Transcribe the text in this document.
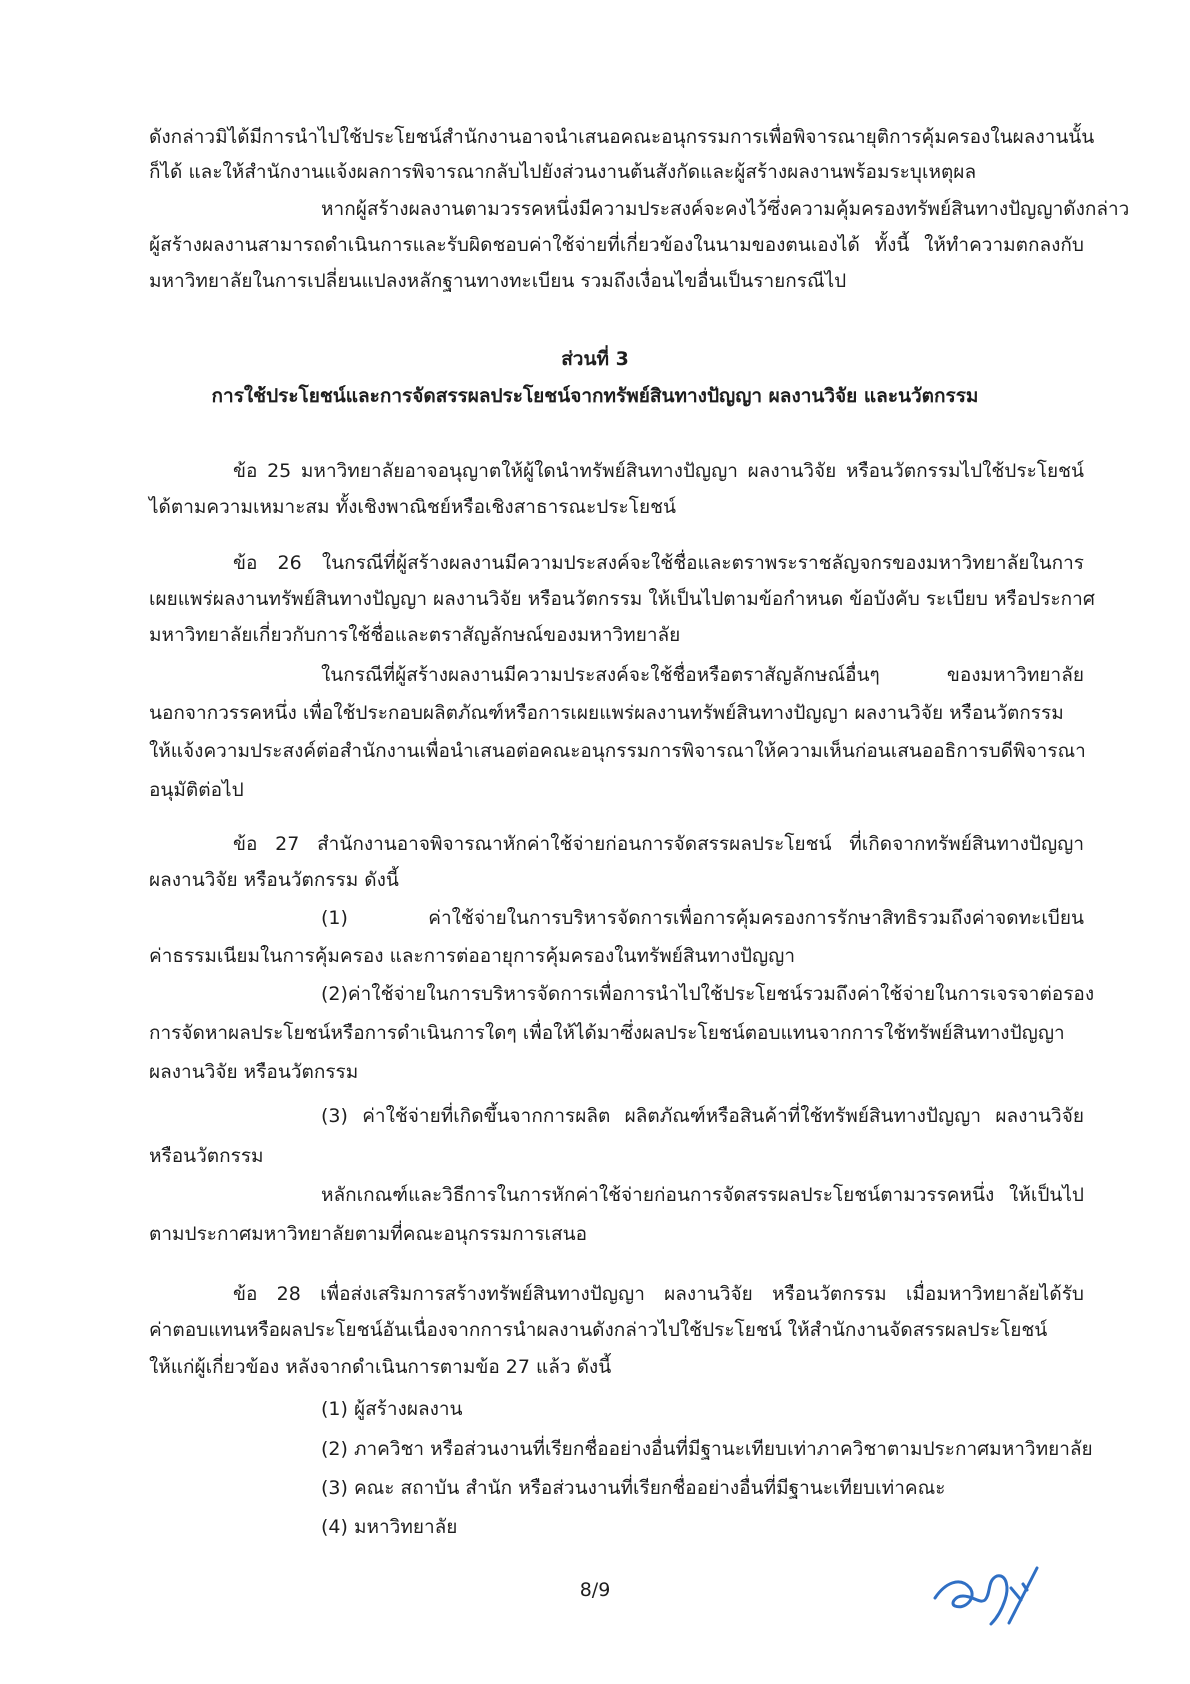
ดังกล่าว มิได้มีการนำไปใช้ประโยชน์ สำนักงานอาจนำเสนอคณะอนุกรรมการเพื่อพิจารณายุติการคุ้มครองในผลงานนั้น

ก็ได้ และให้สำนักงานแจ้งผลการพิจารณากลับไปยังส่วนงานต้นสังกัดและผู้สร้างผลงานพร้อมระบุเหตุผล

หากผู้สร้างผลงานตามวรรคหนึ่งมีความประสงค์จะคงไว้ซึ่งความคุ้มครองทรัพย์สินทางปัญญาดังกล่าว

ผู้สร้างผลงานสามารถดำเนินการและรับผิดชอบค่าใช้จ่ายที่เกี่ยวข้องในนามของตนเองได้ ทั้งนี้ ให้ทำความตกลงกับ

มหาวิทยาลัยในการเปลี่ยนแปลงหลักฐานทางทะเบียน รวมถึงเงื่อนไขอื่นเป็นรายกรณีไป

ส่วนที่ 3

การใช้ประโยชน์และการจัดสรรผลประโยชน์จากทรัพย์สินทางปัญญา ผลงานวิจัย และนวัตกรรม

ข้อ 25 มหาวิทยาลัยอาจอนุญาตให้ผู้ใดนำทรัพย์สินทางปัญญา ผลงานวิจัย หรือนวัตกรรมไปใช้ประโยชน์

ได้ตามความเหมาะสม ทั้งเชิงพาณิชย์หรือเชิงสาธารณะประโยชน์

ข้อ 26 ในกรณีที่ผู้สร้างผลงานมีความประสงค์จะใช้ชื่อและตราพระราชลัญจกรของมหาวิทยาลัยในการ

เผยแพร่ผลงานทรัพย์สินทางปัญญา ผลงานวิจัย หรือนวัตกรรม ให้เป็นไปตามข้อกำหนด ข้อบังคับ ระเบียบ หรือประกาศ

มหาวิทยาลัยเกี่ยวกับการใช้ชื่อและตราสัญลักษณ์ของมหาวิทยาลัย

ในกรณีที่ผู้สร้างผลงานมีความประสงค์จะใช้ชื่อหรือตราสัญลักษณ์อื่นๆ	ของมหาวิทยาลัย

นอกจากวรรคหนึ่ง เพื่อใช้ประกอบผลิตภัณฑ์หรือการเผยแพร่ผลงานทรัพย์สินทางปัญญา ผลงานวิจัย หรือนวัตกรรม

ให้แจ้งความประสงค์ต่อสำนักงานเพื่อนำเสนอต่อคณะอนุกรรมการพิจารณาให้ความเห็นก่อนเสนออธิการบดีพิจารณา

อนุมัติต่อไป

ข้อ 27 สำนักงานอาจพิจารณาหักค่าใช้จ่ายก่อนการจัดสรรผลประโยชน์ ที่เกิดจากทรัพย์สินทางปัญญา

ผลงานวิจัย หรือนวัตกรรม ดังนี้

(1)	ค่าใช้จ่ายในการบริหารจัดการเพื่อการคุ้มครองการรักษาสิทธิรวมถึงค่าจดทะเบียน

ค่าธรรมเนียมในการคุ้มครอง และการต่ออายุการคุ้มครองในทรัพย์สินทางปัญญา

(2) ค่าใช้จ่ายในการบริหารจัดการเพื่อการนำไปใช้ประโยชน์รวมถึงค่าใช้จ่ายในการเจรจาต่อรอง

การจัดหาผลประโยชน์หรือการดำเนินการใดๆ เพื่อให้ได้มาซึ่งผลประโยชน์ตอบแทนจากการใช้ทรัพย์สินทางปัญญา

ผลงานวิจัย หรือนวัตกรรม

(3) ค่าใช้จ่ายที่เกิดขึ้นจากการผลิต ผลิตภัณฑ์หรือสินค้าที่ใช้ทรัพย์สินทางปัญญา ผลงานวิจัย

หรือนวัตกรรม

หลักเกณฑ์และวิธีการในการหักค่าใช้จ่ายก่อนการจัดสรรผลประโยชน์ตามวรรคหนึ่ง ให้เป็นไป

ตามประกาศมหาวิทยาลัยตามที่คณะอนุกรรมการเสนอ

ข้อ 28 เพื่อส่งเสริมการสร้างทรัพย์สินทางปัญญา ผลงานวิจัย หรือนวัตกรรม เมื่อมหาวิทยาลัยได้รับ

ค่าตอบแทนหรือผลประโยชน์อันเนื่องจากการนำผลงานดังกล่าวไปใช้ประโยชน์ ให้สำนักงานจัดสรรผลประโยชน์

ให้แก่ผู้เกี่ยวข้อง หลังจากดำเนินการตามข้อ 27 แล้ว ดังนี้

(1) ผู้สร้างผลงาน

(2) ภาควิชา หรือส่วนงานที่เรียกชื่ออย่างอื่นที่มีฐานะเทียบเท่าภาควิชาตามประกาศมหาวิทยาลัย

(3) คณะ สถาบัน สำนัก หรือส่วนงานที่เรียกชื่ออย่างอื่นที่มีฐานะเทียบเท่าคณะ

(4) มหาวิทยาลัย

8/9
